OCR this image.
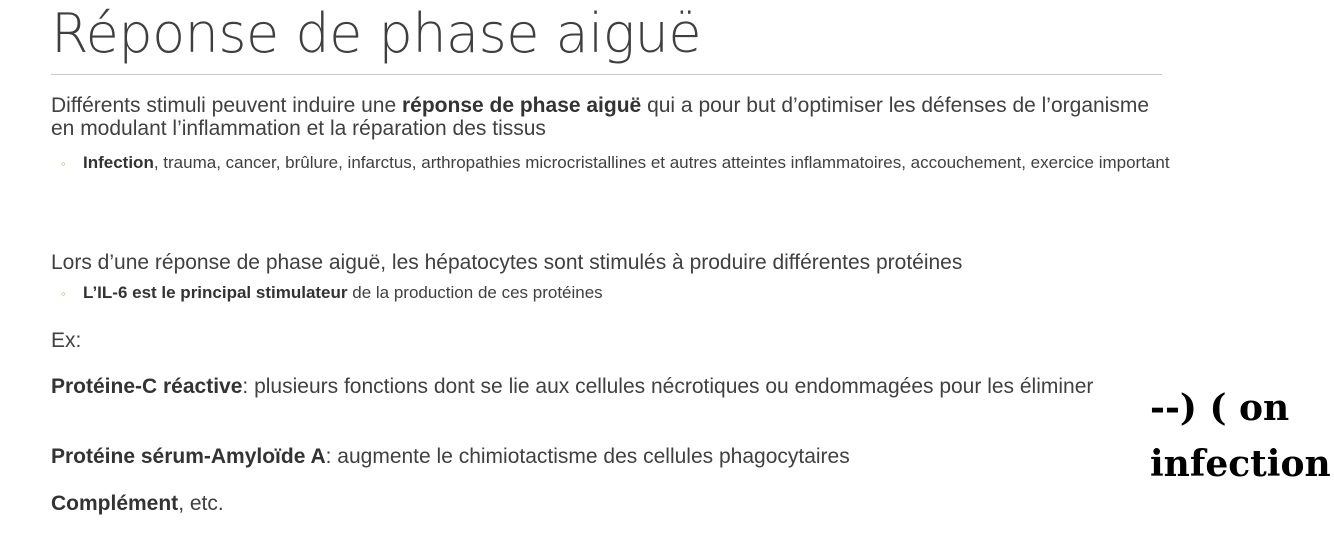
Réponse de phase aiguë

Différents stimuli peuvent induire une réponse de phase aiguë qui a pour but d’optimiser les défenses de l’organisme en modulant l’inflammation et la réparation des tissus

◦	Infection, trauma, cancer, brûlure, infarctus, arthropathies microcristallines et autres atteintes inflammatoires, accouchement, exercice important

Lors d’une réponse de phase aiguë, les hépatocytes sont stimulés à produire différentes protéines

◦	L’IL-6 est le principal stimulateur de la production de ces protéines

Ex:

Protéine-C réactive: plusieurs fonctions dont se lie aux cellules nécrotiques ou endommagées pour les éliminer

Protéine sérum-Amyloïde A: augmente le chimiotactisme des cellules phagocytaires

Complément, etc.

--) ( on
infection
